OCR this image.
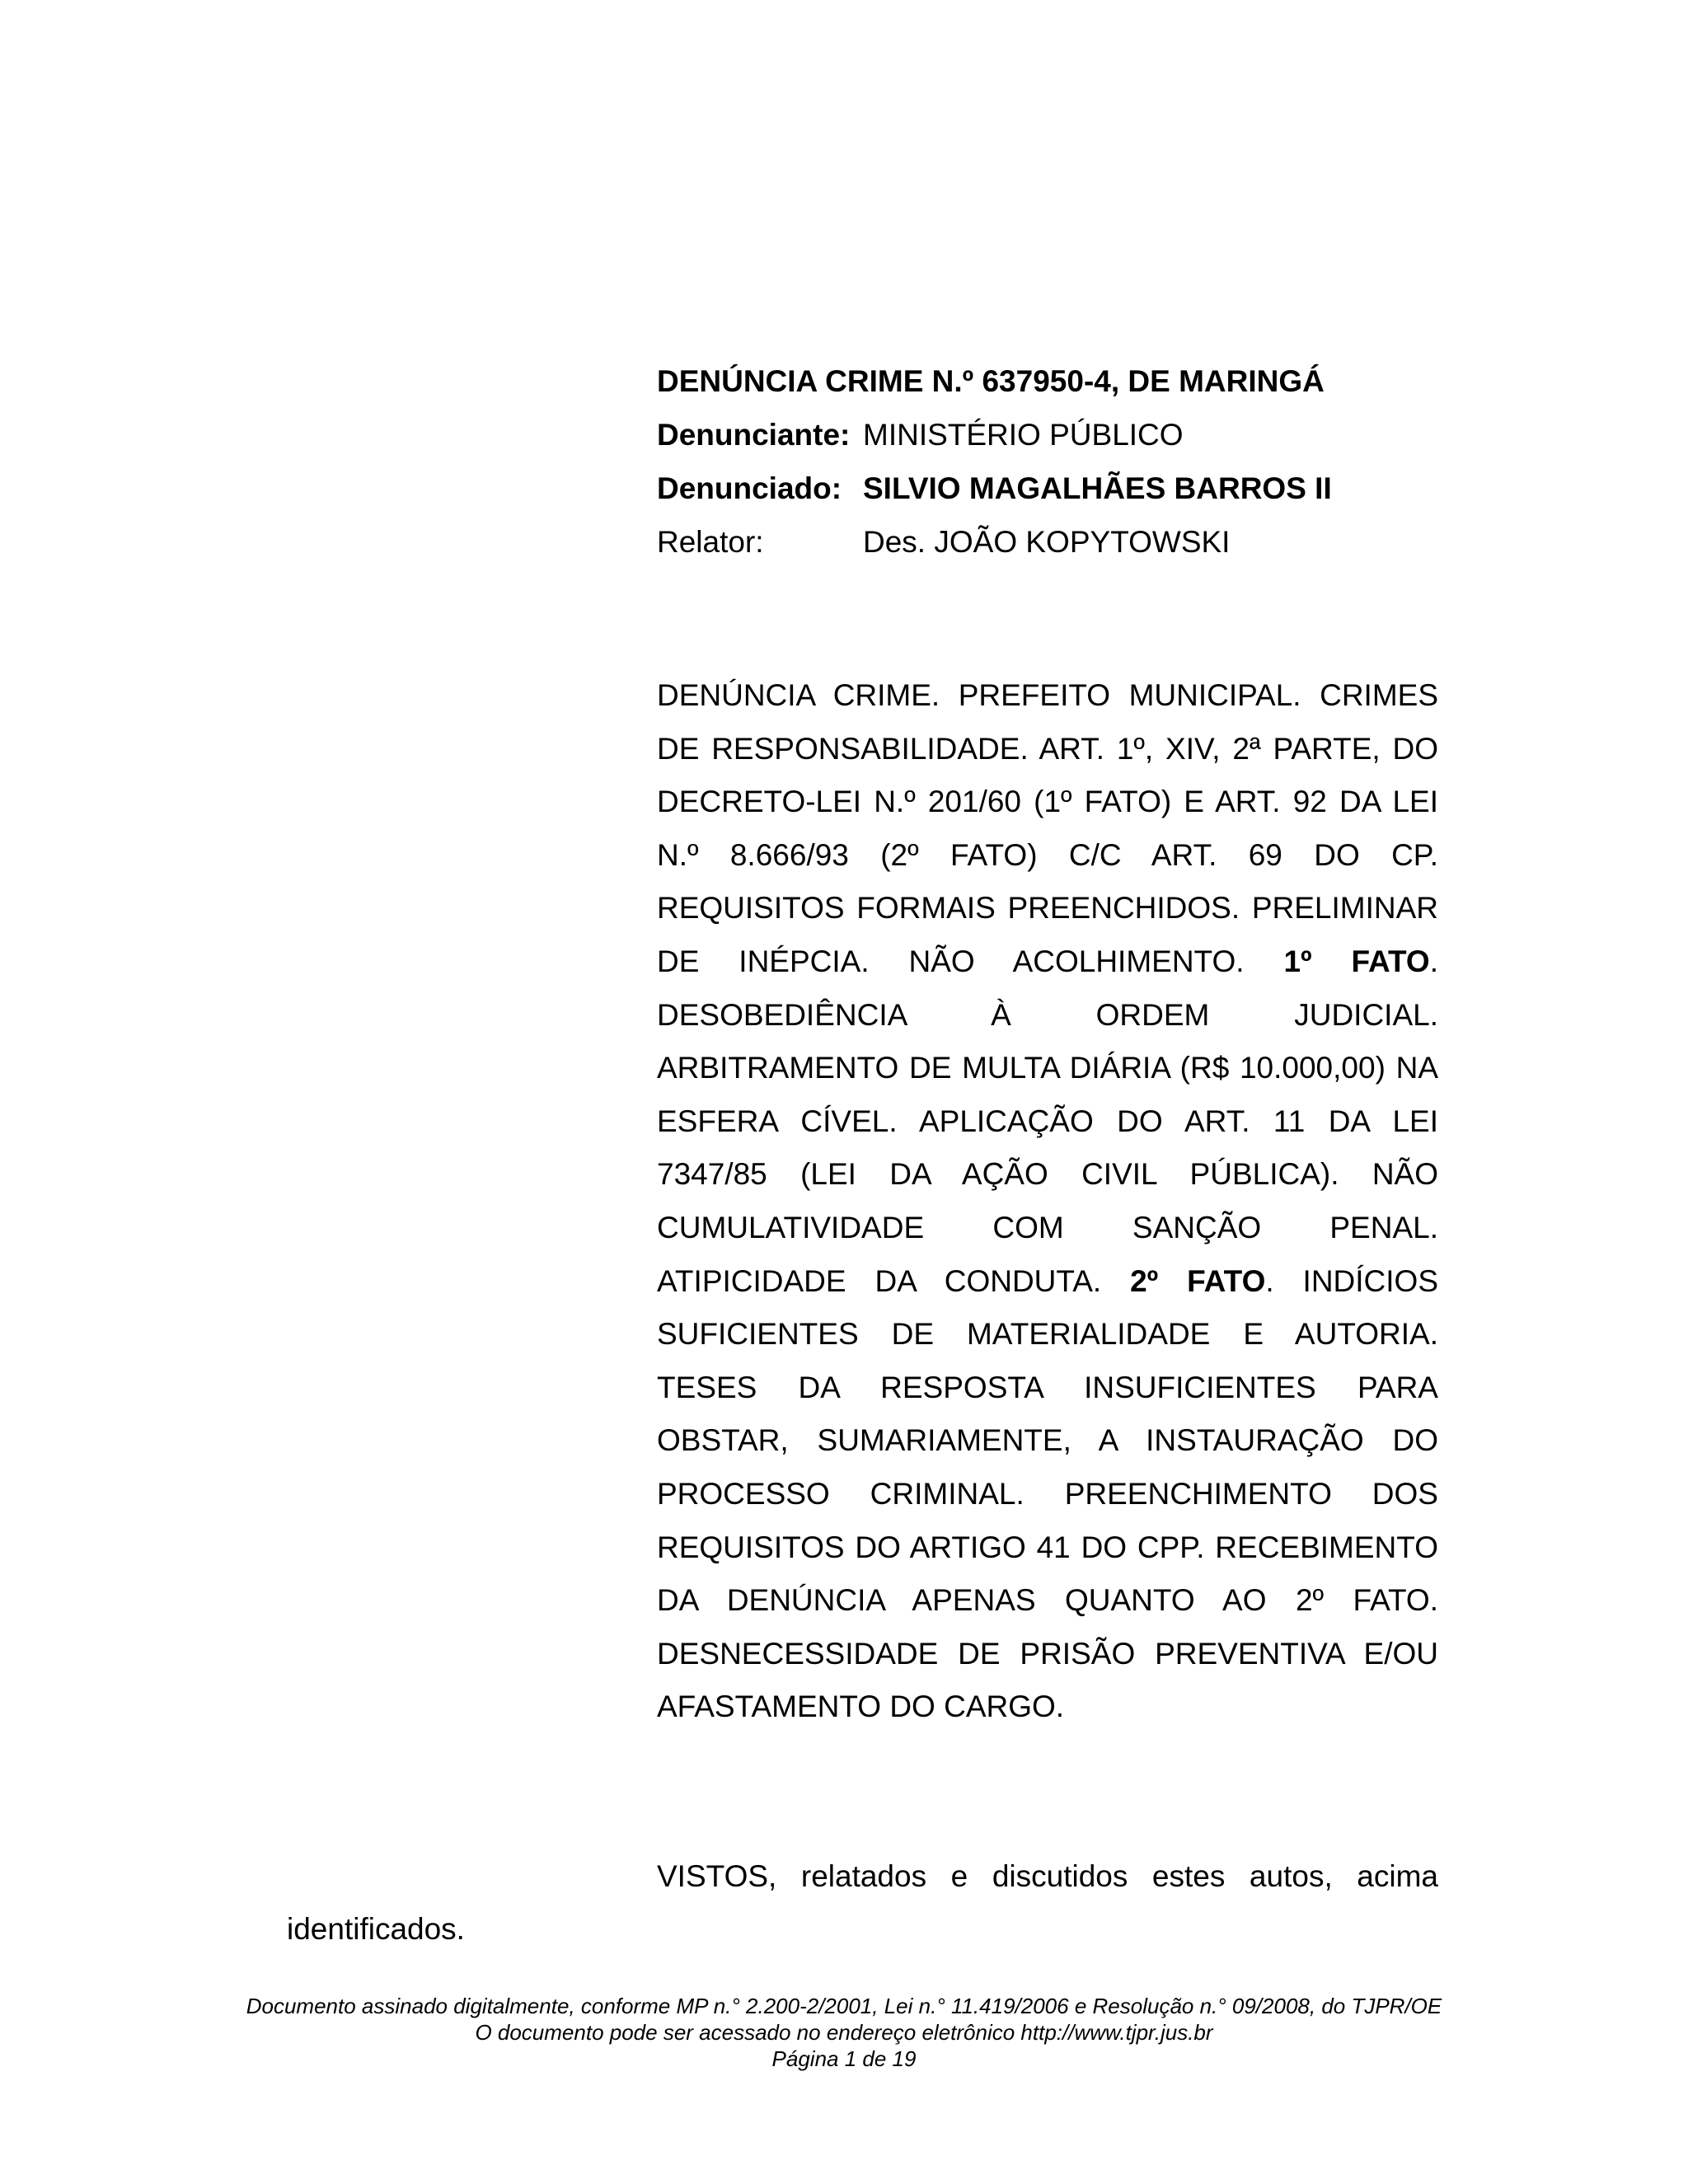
DENÚNCIA CRIME N.º 637950-4, DE MARINGÁ
Denunciante: MINISTÉRIO PÚBLICO
Denunciado: SILVIO MAGALHÃES BARROS II
Relator:	Des. JOÃO KOPYTOWSKI
DENÚNCIA CRIME. PREFEITO MUNICIPAL. CRIMES DE RESPONSABILIDADE. ART. 1º, XIV, 2ª PARTE, DO DECRETO-LEI N.º 201/60 (1º FATO) E ART. 92 DA LEI N.º 8.666/93 (2º FATO) C/C ART. 69 DO CP. REQUISITOS FORMAIS PREENCHIDOS. PRELIMINAR DE INÉPCIA. NÃO ACOLHIMENTO. 1º FATO. DESOBEDIÊNCIA À ORDEM JUDICIAL. ARBITRAMENTO DE MULTA DIÁRIA (R$ 10.000,00) NA ESFERA CÍVEL. APLICAÇÃO DO ART. 11 DA LEI 7347/85 (LEI DA AÇÃO CIVIL PÚBLICA). NÃO CUMULATIVIDADE COM SANÇÃO PENAL. ATIPICIDADE DA CONDUTA. 2º FATO. INDÍCIOS SUFICIENTES DE MATERIALIDADE E AUTORIA. TESES DA RESPOSTA INSUFICIENTES PARA OBSTAR, SUMARIAMENTE, A INSTAURAÇÃO DO PROCESSO CRIMINAL. PREENCHIMENTO DOS REQUISITOS DO ARTIGO 41 DO CPP. RECEBIMENTO DA DENÚNCIA APENAS QUANTO AO 2º FATO. DESNECESSIDADE DE PRISÃO PREVENTIVA E/OU AFASTAMENTO DO CARGO.
VISTOS, relatados e discutidos estes autos, acima identificados.
Documento assinado digitalmente, conforme MP n.° 2.200-2/2001, Lei n.° 11.419/2006 e Resolução n.° 09/2008, do TJPR/OE
O documento pode ser acessado no endereço eletrônico http://www.tjpr.jus.br
Página 1 de 19
